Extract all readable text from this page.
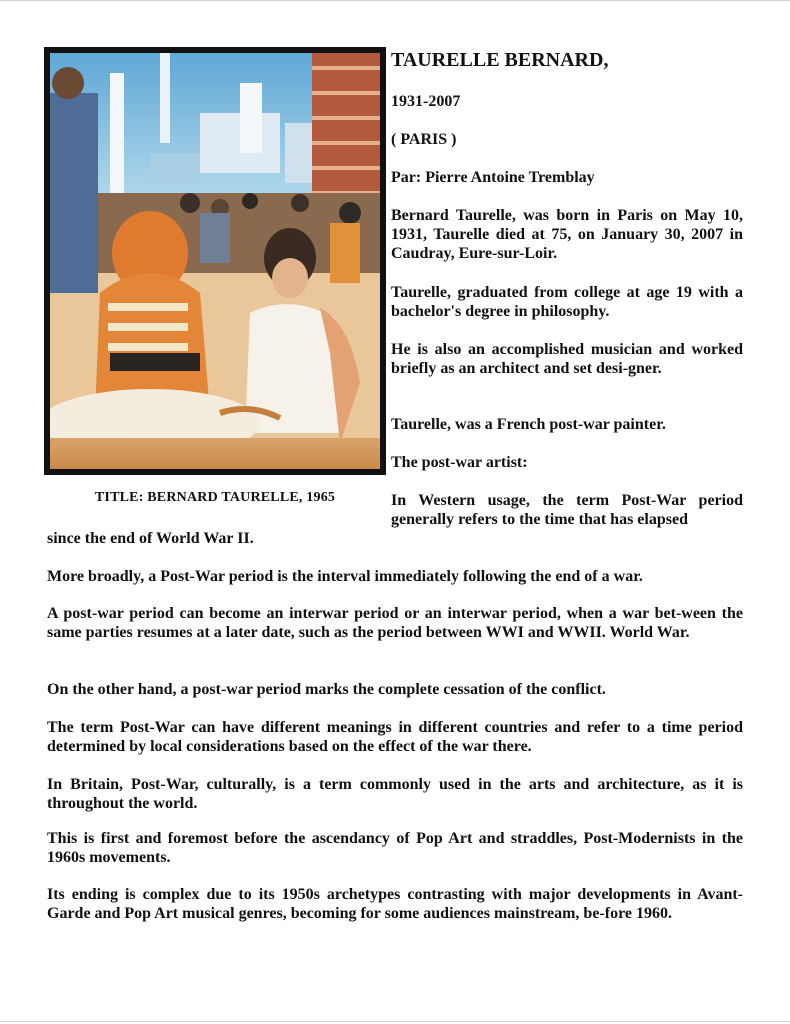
TITLE: BERNARD TAURELLE, 1965

TAURELLE BERNARD,

1931-2007

( PARIS )

Par: Pierre Antoine Tremblay

Bernard Taurelle, was born in Paris on May 10, 1931, Taurelle died at 75, on January 30, 2007 in Caudray, Eure-sur-Loir.

Taurelle, graduated from college at age 19 with a bachelor's degree in philosophy.

He is also an accomplished musician and worked briefly as an architect and set desi-gner.

Taurelle, was a French post-war painter.

The post-war artist:

In Western usage, the term Post-War period generally refers to the time that has elapsed

since the end of World War II.

More broadly, a Post-War period is the interval immediately following the end of a war.

A post-war period can become an interwar period or an interwar period, when a war bet-ween the same parties resumes at a later date, such as the period between WWI and WWII. World War.

On the other hand, a post-war period marks the complete cessation of the conflict.

The term Post-War can have different meanings in different countries and refer to a time period determined by local considerations based on the effect of the war there.

In Britain, Post-War, culturally, is a term commonly used in the arts and architecture, as it is throughout the world.

This is first and foremost before the ascendancy of Pop Art and straddles, Post-Modernists in the 1960s movements.

Its ending is complex due to its 1950s archetypes contrasting with major developments in Avant-Garde and Pop Art musical genres, becoming for some audiences mainstream, be-fore 1960.
